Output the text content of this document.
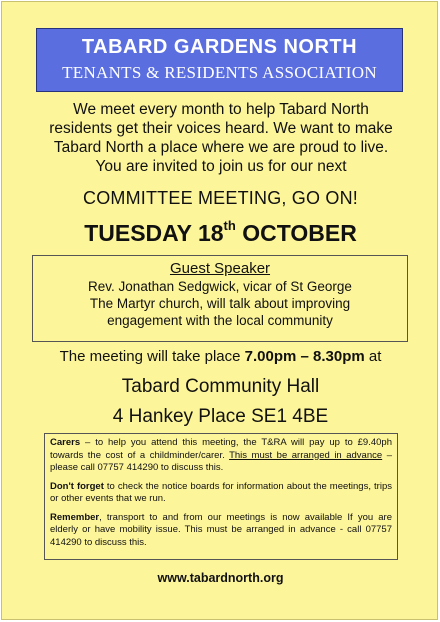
TABARD GARDENS NORTH
TENANTS & RESIDENTS ASSOCIATION
We meet every month to help Tabard North
residents get their voices heard. We want to make
Tabard North a place where we are proud to live.
You are invited to join us for our next
COMMITTEE MEETING, GO ON!
TUESDAY 18th OCTOBER
Guest Speaker
Rev. Jonathan Sedgwick, vicar of St George
The Martyr church, will talk about improving
engagement with the local community
The meeting will take place 7.00pm – 8.30pm at
Tabard Community Hall
4 Hankey Place SE1 4BE

Carers – to help you attend this meeting, the T&RA will pay up to £9.40ph towards the cost of a childminder/carer. This must be arranged in advance – please call 07757 414290 to discuss this.

Don't forget to check the notice boards for information about the meetings, trips or other events that we run.

Remember, transport to and from our meetings is now available If you are elderly or have mobility issue. This must be arranged in advance - call 07757 414290 to discuss this.

www.tabardnorth.org
